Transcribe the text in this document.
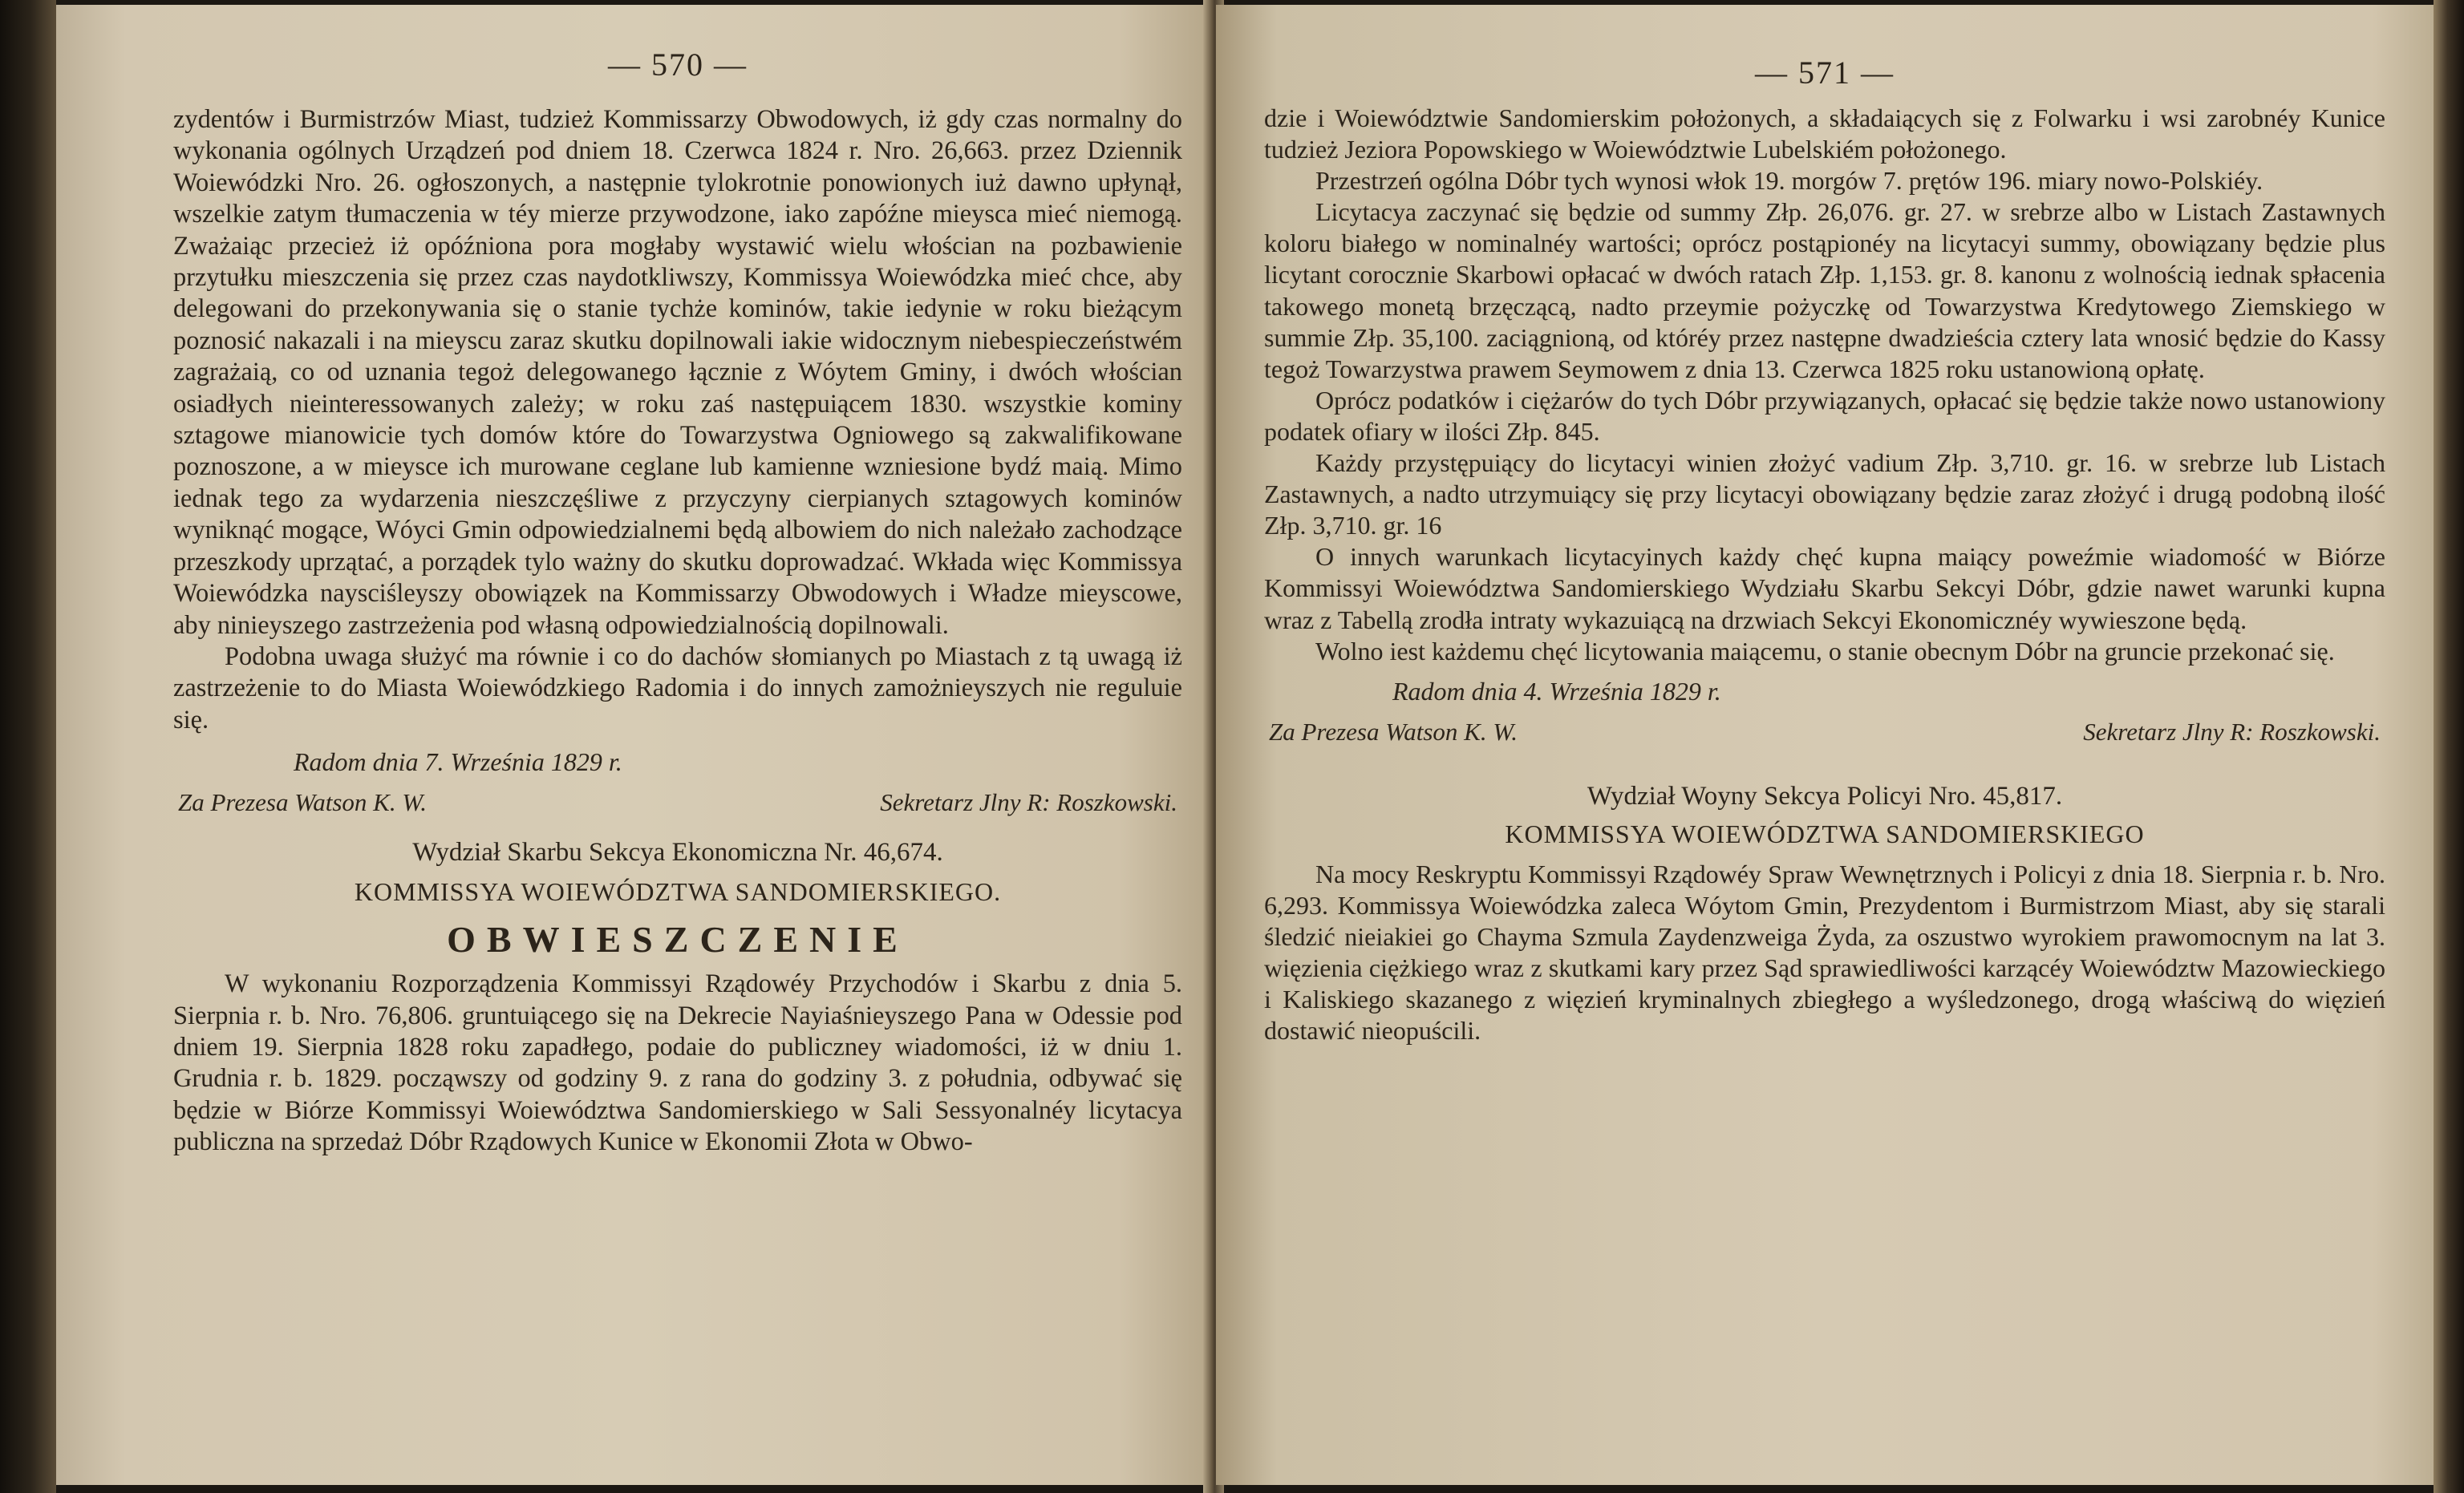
— 570 —

zydentów i Burmistrzów Miast, tudzież Kommissarzy Obwodowych, iż gdy czas normalny do wykonania ogólnych Urządzeń pod dniem 18. Czerwca 1824 r. Nro. 26,663. przez Dziennik Woiewódzki Nro. 26. ogłoszonych, a następnie tylokrotnie ponowionych iuż dawno upłynął, wszelkie zatym tłumaczenia w téy mierze przywodzone, iako zapóźne mieysca mieć niemogą. Zważaiąc przecież iż opóźniona pora mogłaby wystawić wielu włościan na pozbawienie przytułku mieszczenia się przez czas naydotkliwszy, Kommissya Woiewódzka mieć chce, aby delegowani do przekonywania się o stanie tychże kominów, takie iedynie w roku bieżącym poznosić nakazali i na mieyscu zaraz skutku dopilnowali iakie widocznym niebespieczeństwém zagrażaią, co od uznania tegoż delegowanego łącznie z Wóytem Gminy, i dwóch włościan osiadłych nieinteressowanych zależy; w roku zaś następuiącem 1830. wszystkie kominy sztagowe mianowicie tych domów które do Towarzystwa Ogniowego są zakwalifikowane poznoszone, a w mieysce ich murowane ceglane lub kamienne wzniesione bydź maią. Mimo iednak tego za wydarzenia nieszczęśliwe z przyczyny cierpianych sztagowych kominów wyniknąć mogące, Wóyci Gmin odpowiedzialnemi będą albowiem do nich należało zachodzące przeszkody uprzątać, a porządek tylo ważny do skutku doprowadzać. Wkłada więc Kommissya Woiewódzka naysciśleyszy obowiązek na Kommissarzy Obwodowych i Władze mieyscowe, aby ninieyszego zastrzeżenia pod własną odpowiedzialnością dopilnowali.

Podobna uwaga służyć ma równie i co do dachów słomianych po Miastach z tą uwagą iż zastrzeżenie to do Miasta Woiewódzkiego Radomia i do innych zamożnieyszych nie reguluie się.

Radom dnia 7. Września 1829 r.
Za Prezesa Watson K. W.	Sekretarz Jlny R: Roszkowski.
Wydział Skarbu Sekcya Ekonomiczna Nr. 46,674.
KOMMISSYA WOIEWÓDZTWA SANDOMIERSKIEGO.
OBWIESZCZENIE

W wykonaniu Rozporządzenia Kommissyi Rządowéy Przychodów i Skarbu z dnia 5. Sierpnia r. b. Nro. 76,806. gruntuiącego się na Dekrecie Nayiaśnieyszego Pana w Odessie pod dniem 19. Sierpnia 1828 roku zapadłego, podaie do publiczney wiadomości, iż w dniu 1. Grudnia r. b. 1829. począwszy od godziny 9. z rana do godziny 3. z południa, odbywać się będzie w Biórze Kommissyi Woiewództwa Sandomierskiego w Sali Sessyonalnéy licytacya publiczna na sprzedaż Dóbr Rządowych Kunice w Ekonomii Złota w Obwo-

— 571 —

dzie i Woiewództwie Sandomierskim położonych, a składaiących się z Folwarku i wsi zarobnéy Kunice tudzież Jeziora Popowskiego w Woiewództwie Lubelskiém położonego.

Przestrzeń ogólna Dóbr tych wynosi włok 19. morgów 7. prętów 196. miary nowo-Polskiéy.

Licytacya zaczynać się będzie od summy Złp. 26,076. gr. 27. w srebrze albo w Listach Zastawnych koloru białego w nominalnéy wartości; oprócz postąpionéy na licytacyi summy, obowiązany będzie plus licytant corocznie Skarbowi opłacać w dwóch ratach Złp. 1,153. gr. 8. kanonu z wolnością iednak spłacenia takowego monetą brzęczącą, nadto przeymie pożyczkę od Towarzystwa Kredytowego Ziemskiego w summie Złp. 35,100. zaciągnioną, od któréy przez następne dwadzieścia cztery lata wnosić będzie do Kassy tegoż Towarzystwa prawem Seymowem z dnia 13. Czerwca 1825 roku ustanowioną opłatę.

Oprócz podatków i ciężarów do tych Dóbr przywiązanych, opłacać się będzie także nowo ustanowiony podatek ofiary w ilości Złp. 845.

Każdy przystępuiący do licytacyi winien złożyć vadium Złp. 3,710. gr. 16. w srebrze lub Listach Zastawnych, a nadto utrzymuiący się przy licytacyi obowiązany będzie zaraz złożyć i drugą podobną ilość Złp. 3,710. gr. 16

O innych warunkach licytacyinych każdy chęć kupna maiący poweźmie wiadomość w Biórze Kommissyi Woiewództwa Sandomierskiego Wydziału Skarbu Sekcyi Dóbr, gdzie nawet warunki kupna wraz z Tabellą zrodła intraty wykazuiącą na drzwiach Sekcyi Ekonomicznéy wywieszone będą.

Wolno iest każdemu chęć licytowania maiącemu, o stanie obecnym Dóbr na gruncie przekonać się.

Radom dnia 4. Września 1829 r.
Za Prezesa Watson K. W.	Sekretarz Jlny R: Roszkowski.
Wydział Woyny Sekcya Policyi Nro. 45,817.
KOMMISSYA WOIEWÓDZTWA SANDOMIERSKIEGO

Na mocy Reskryptu Kommissyi Rządowéy Spraw Wewnętrznych i Policyi z dnia 18. Sierpnia r. b. Nro. 6,293. Kommissya Woiewódzka zaleca Wóytom Gmin, Prezydentom i Burmistrzom Miast, aby się starali śledzić nieiakiei go Chayma Szmula Zaydenzweiga Żyda, za oszustwo wyrokiem prawomocnym na lat 3. więzienia ciężkiego wraz z skutkami kary przez Sąd sprawiedliwości karzącéy Woiewództw Mazowieckiego i Kaliskiego skazanego z więzień kryminalnych zbiegłego a wyśledzonego, drogą właściwą do więzień dostawić nieopuścili.
